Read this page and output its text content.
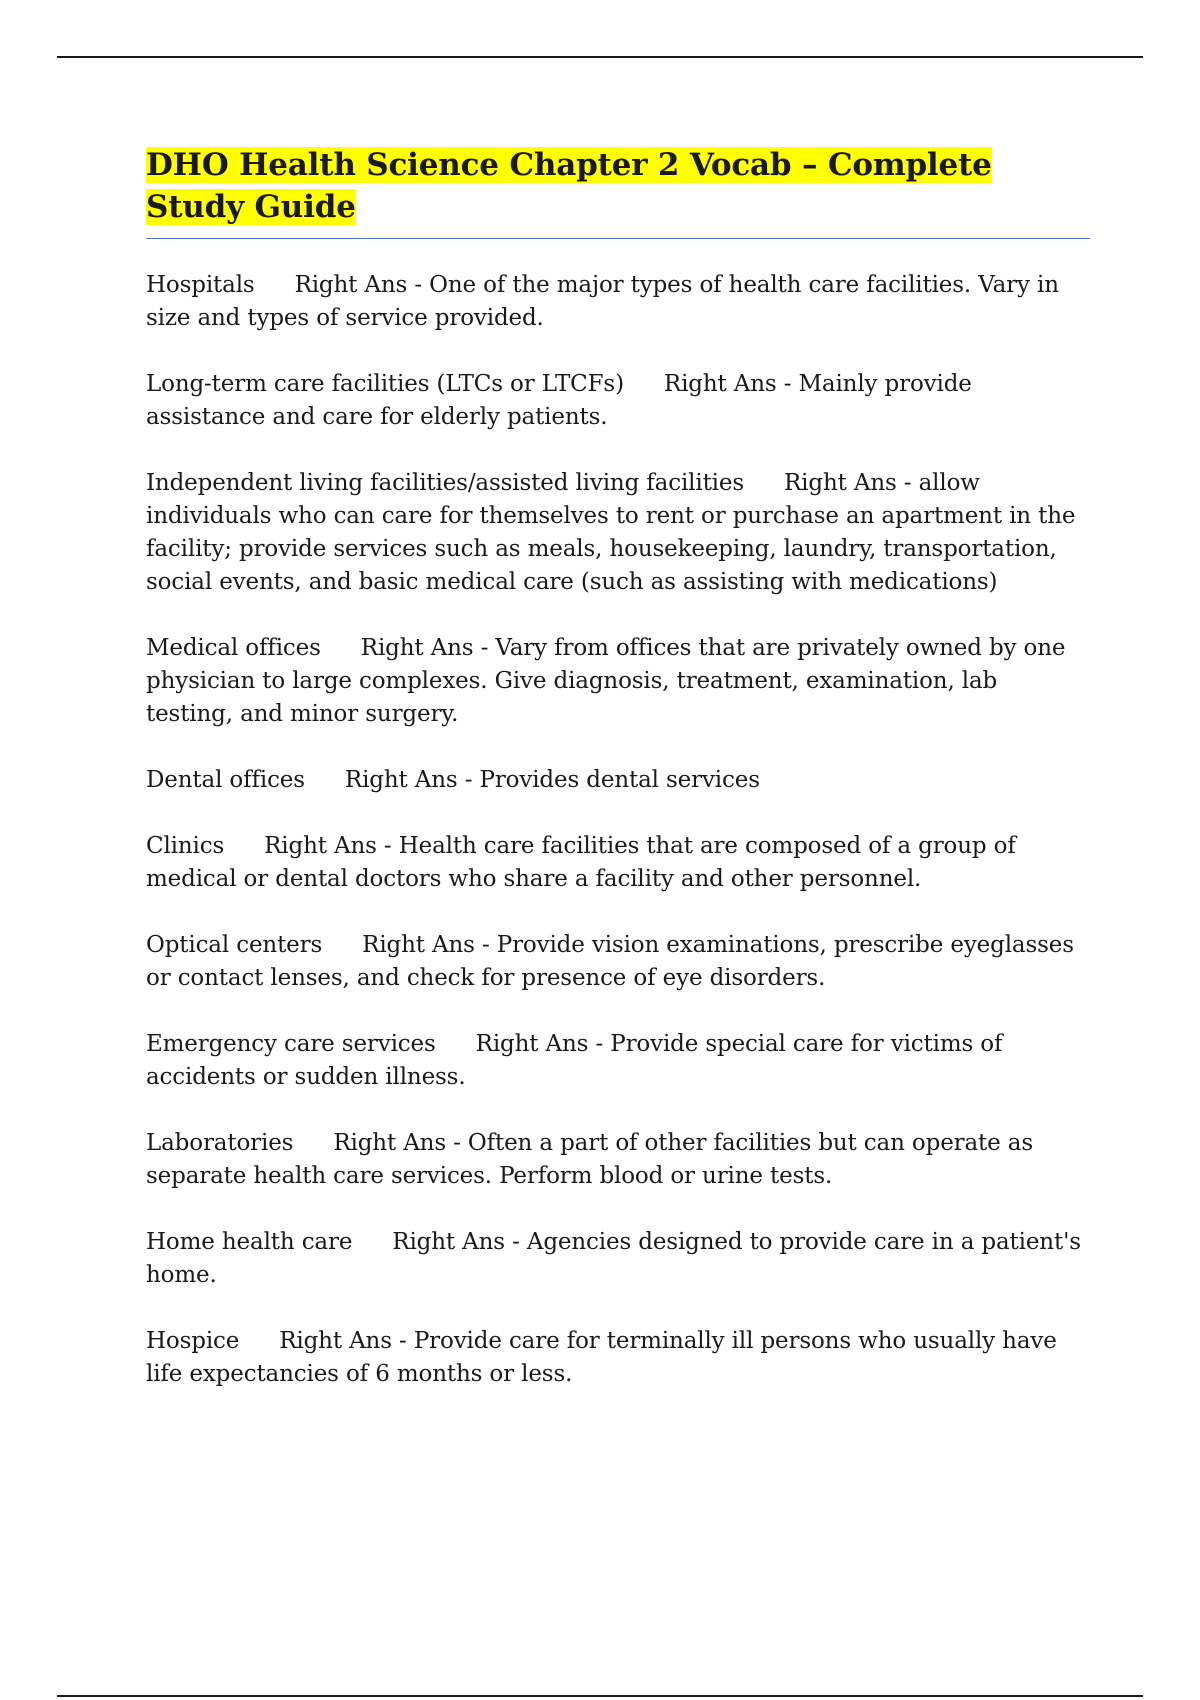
DHO Health Science Chapter 2 Vocab – Complete Study Guide

Hospitals Right Ans - One of the major types of health care facilities. Vary in size and types of service provided.

Long-term care facilities (LTCs or LTCFs) Right Ans - Mainly provide assistance and care for elderly patients.

Independent living facilities/assisted living facilities Right Ans - allow individuals who can care for themselves to rent or purchase an apartment in the facility; provide services such as meals, housekeeping, laundry, transportation, social events, and basic medical care (such as assisting with medications)

Medical offices Right Ans - Vary from offices that are privately owned by one physician to large complexes. Give diagnosis, treatment, examination, lab testing, and minor surgery.

Dental offices Right Ans - Provides dental services

Clinics Right Ans - Health care facilities that are composed of a group of medical or dental doctors who share a facility and other personnel.

Optical centers Right Ans - Provide vision examinations, prescribe eyeglasses or contact lenses, and check for presence of eye disorders.

Emergency care services Right Ans - Provide special care for victims of accidents or sudden illness.

Laboratories Right Ans - Often a part of other facilities but can operate as separate health care services. Perform blood or urine tests.

Home health care Right Ans - Agencies designed to provide care in a patient's home.

Hospice Right Ans - Provide care for terminally ill persons who usually have life expectancies of 6 months or less.
